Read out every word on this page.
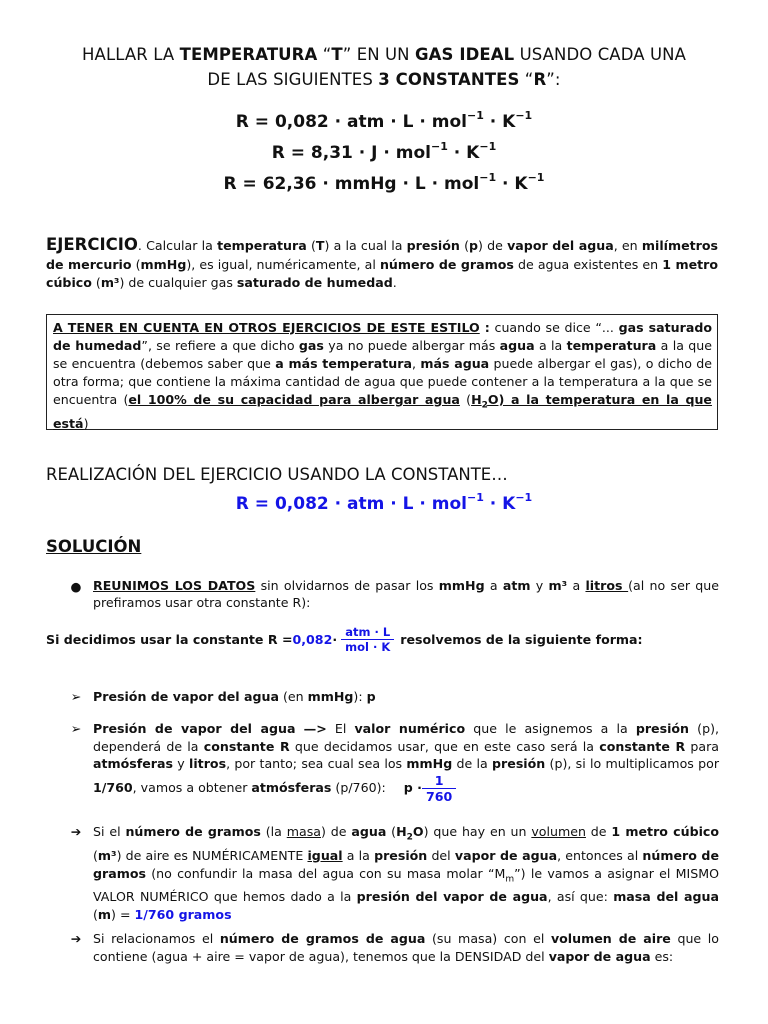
HALLAR LA TEMPERATURA “T” EN UN GAS IDEAL USANDO CADA UNA
DE LAS SIGUIENTES 3 CONSTANTES “R”:
R = 0,082 · atm · $L \cdot mol^{-1} \cdot K^{-1}$
$R = 8,31 \cdot J \cdot mol^{-1} \cdot K^{-1}$
R = 62,36 · mmHg · $L \cdot mol^{-1} \cdot K^{-1}$
EJERCICIO. Calcular la temperatura (T) a la cual la presión (p) de vapor del agua, en milímetros de mercurio (mmHg), es igual, numéricamente, al número de gramos de agua existentes en 1 metro cúbico (m³) de cualquier gas saturado de humedad.
A TENER EN CUENTA EN OTROS EJERCICIOS DE ESTE ESTILO : cuando se dice “... gas saturado de humedad”, se refiere a que dicho gas ya no puede albergar más agua a la temperatura a la que se encuentra (debemos saber que a más temperatura, más agua puede albergar el gas), o dicho de otra forma; que contiene la máxima cantidad de agua que puede contener a la temperatura a la que se encuentra (el 100% de su capacidad para albergar agua $(H_2O)$ a la temperatura en la que está)
REALIZACIÓN DEL EJERCICIO USANDO LA CONSTANTE…
R = 0,082 · atm · $L \cdot mol^{-1} \cdot K^{-1}$
SOLUCIÓN
● REUNIMOS LOS DATOS sin olvidarnos de pasar los mmHg a atm y m³ a litros (al no ser que prefiramos usar otra constante R):
Si decidimos usar la constante $R = 0,082 \cdot \frac{\text{atm · L}}{\text{mol · K}}$ resolvemos de la siguiente forma:
➢ Presión de vapor del agua (en mmHg): p
➢ Presión de vapor del agua —> El valor numérico que le asignemos a la presión (p), dependerá de la constante R que decidamos usar, que en este caso será la constante R para atmósferas y litros, por tanto; sea cual sea los mmHg de la presión (p), si lo multiplicamos por 1/760, vamos a obtener atmósferas (p/760): $p \cdot \frac{1}{760}$
➔ Si el número de gramos (la masa) de agua $(H_2O)$ que hay en un volumen de 1 metro cúbico (m³) de aire es NUMÉRICAMENTE igual a la presión del vapor de agua, entonces al número de gramos (no confundir la masa del agua con su masa molar “$M_m$”) le vamos a asignar el MISMO VALOR NUMÉRICO que hemos dado a la presión del vapor de agua, así que: masa del agua (m) = 1/760 gramos
➔ Si relacionamos el número de gramos de agua (su masa) con el volumen de aire que lo contiene (agua + aire = vapor de agua), tenemos que la DENSIDAD del vapor de agua es:
